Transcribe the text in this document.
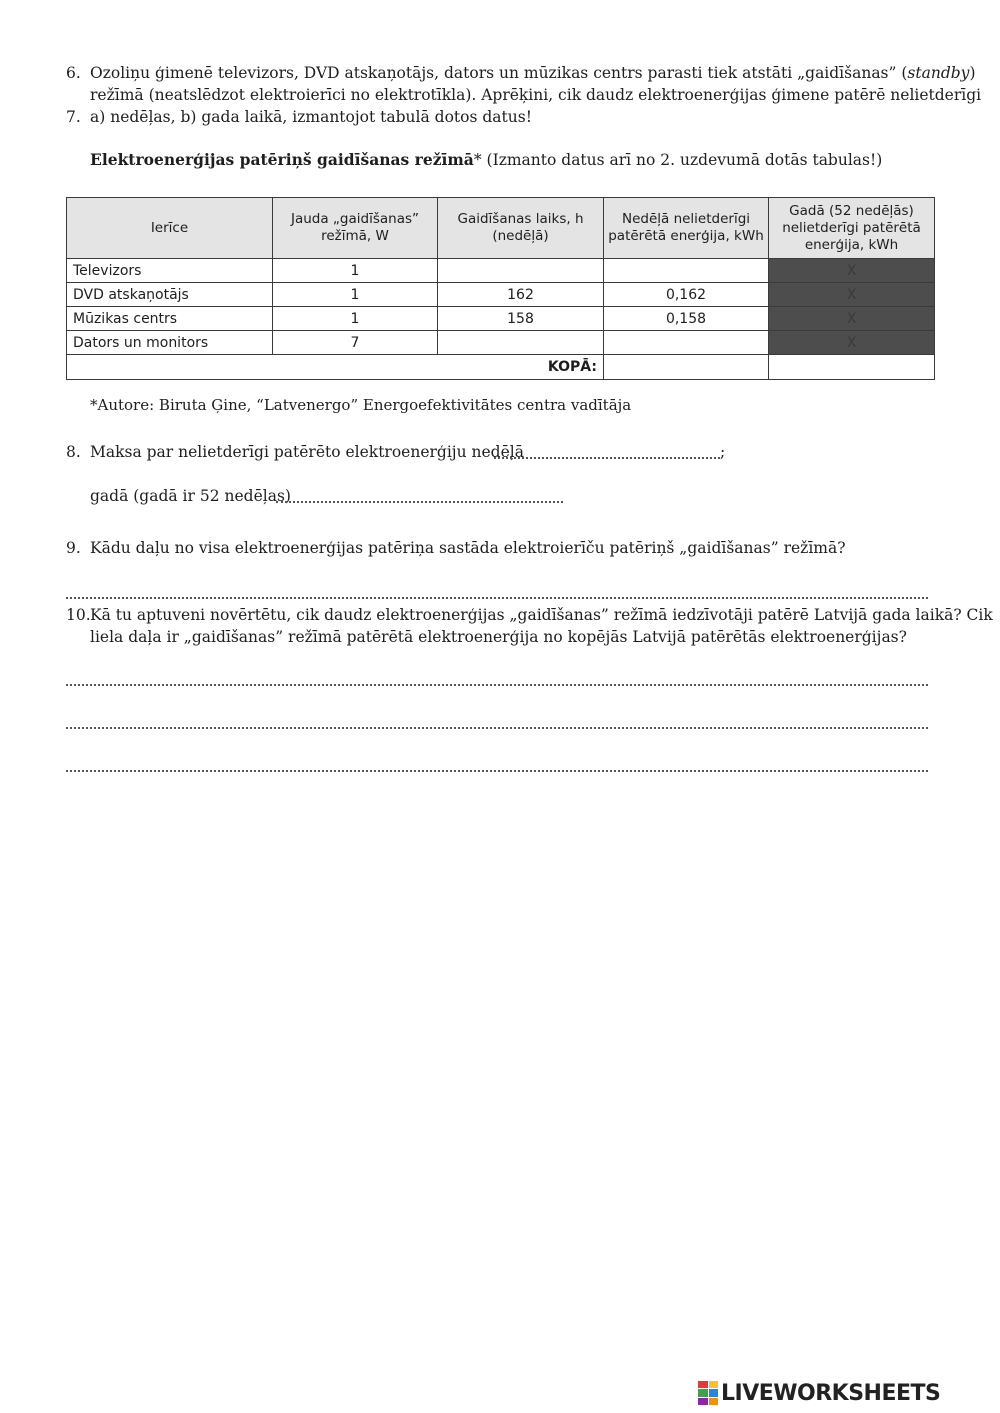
6. Ozoliņu ģimenē televizors, DVD atskaņotājs, dators un mūzikas centrs parasti tiek atstāti „gaidīšanas” (standby)
režīmā (neatslēdzot elektroierīci no elektrotīkla). Aprēķini, cik daudz elektroenerģijas ģimene patērē nelietderīgi
7. a) nedēļas, b) gada laikā, izmantojot tabulā dotos datus!
Elektroenerģijas patēriņš gaidīšanas režīmā* (Izmanto datus arī no 2. uzdevumā dotās tabulas!)
Ierīce	Jauda „gaidīšanas” režīmā, W	Gaidīšanas laiks, h (nedēļā)	Nedēļā nelietderīgi patērētā enerģija, kWh	Gadā (52 nedēļās) nelietderīgi patērētā enerģija, kWh
Televizors	1			X
DVD atskaņotājs	1	162	0,162	X
Mūzikas centrs	1	158	0,158	X
Dators un monitors	7			X
KOPĀ:				
*Autore: Biruta Ģine, “Latvenergo” Energoefektivitātes centra vadītāja
8. Maksa par nelietderīgi patērēto elektroenerģiju nedēļā	;
gadā (gadā ir 52 nedēļas)
9. Kādu daļu no visa elektroenerģijas patēriņa sastāda elektroierīču patēriņš „gaidīšanas” režīmā?
10. Kā tu aptuveni novērtētu, cik daudz elektroenerģijas „gaidīšanas” režīmā iedzīvotāji patērē Latvijā gada laikā? Cik
liela daļa ir „gaidīšanas” režīmā patērētā elektroenerģija no kopējās Latvijā patērētās elektroenerģijas?
LIVEWORKSHEETS
